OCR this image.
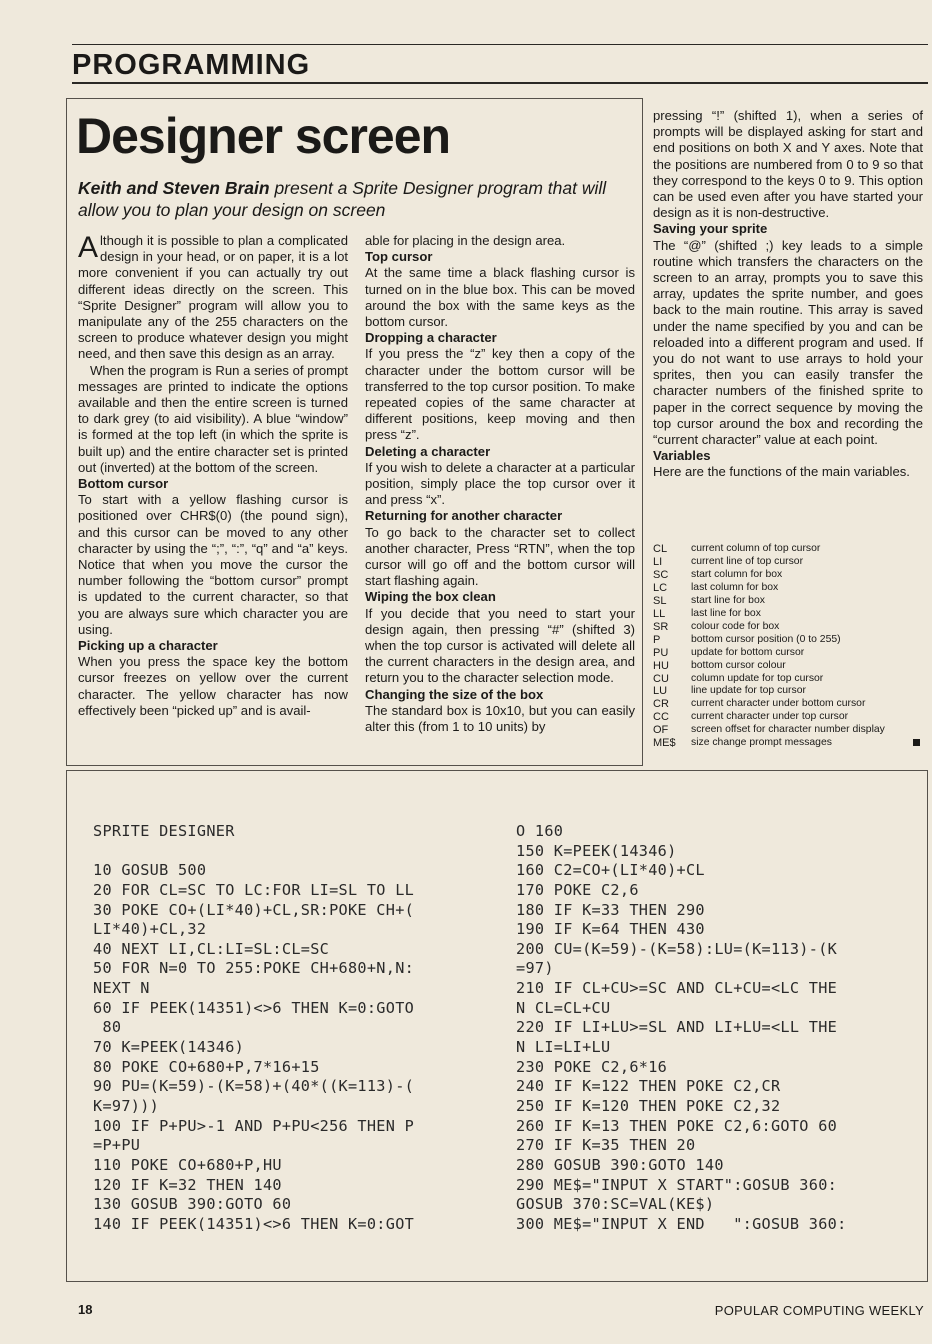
PROGRAMMING
Designer screen
Keith and Steven Brain present a Sprite Designer program that will allow you to plan your design on screen

Although it is possible to plan a complicated design in your head, or on paper, it is a lot more convenient if you can actually try out different ideas directly on the screen. This “Sprite Designer” program will allow you to manipulate any of the 255 characters on the screen to produce whatever design you might need, and then save this design as an array.

When the program is Run a series of prompt messages are printed to indicate the options available and then the entire screen is turned to dark grey (to aid visibility). A blue “window” is formed at the top left (in which the sprite is built up) and the entire character set is printed out (inverted) at the bottom of the screen.

Bottom cursor

To start with a yellow flashing cursor is positioned over CHR$(0) (the pound sign), and this cursor can be moved to any other character by using the “;”, “:”, “q” and “a” keys. Notice that when you move the cursor the number following the “bottom cursor” prompt is updated to the current character, so that you are always sure which character you are using.

Picking up a character

When you press the space key the bottom cursor freezes on yellow over the current character. The yellow character has now effectively been “picked up” and is avail-

able for placing in the design area.

Top cursor

At the same time a black flashing cursor is turned on in the blue box. This can be moved around the box with the same keys as the bottom cursor.

Dropping a character

If you press the “z” key then a copy of the character under the bottom cursor will be transferred to the top cursor position. To make repeated copies of the same character at different positions, keep moving and then press “z”.

Deleting a character

If you wish to delete a character at a particular position, simply place the top cursor over it and press “x”.

Returning for another character

To go back to the character set to collect another character, Press “RTN”, when the top cursor will go off and the bottom cursor will start flashing again.

Wiping the box clean

If you decide that you need to start your design again, then pressing “#” (shifted 3) when the top cursor is activated will delete all the current characters in the design area, and return you to the character selection mode.

Changing the size of the box

The standard box is 10x10, but you can easily alter this (from 1 to 10 units) by

pressing “!” (shifted 1), when a series of prompts will be displayed asking for start and end positions on both X and Y axes. Note that the positions are numbered from 0 to 9 so that they correspond to the keys 0 to 9. This option can be used even after you have started your design as it is non-destructive.

Saving your sprite

The “@” (shifted ;) key leads to a simple routine which transfers the characters on the screen to an array, prompts you to save this array, updates the sprite number, and goes back to the main routine. This array is saved under the name specified by you and can be reloaded into a different program and used. If you do not want to use arrays to hold your sprites, then you can easily transfer the character numbers of the finished sprite to paper in the correct sequence by moving the top cursor around the box and recording the “current character” value at each point.

Variables

Here are the functions of the main variables.

CL	current column of top cursor
LI	current line of top cursor
SC	start column for box
LC	last column for box
SL	start line for box
LL	last line for box
SR	colour code for box
P	bottom cursor position (0 to 255)
PU	update for bottom cursor
HU	bottom cursor colour
CU	column update for top cursor
LU	line update for top cursor
CR	current character under bottom cursor
CC	current character under top cursor
OF	screen offset for character number display
ME$	size change prompt messages
SPRITE DESIGNER
10 GOSUB 500
20 FOR CL=SC TO LC:FOR LI=SL TO LL
30 POKE CO+(LI*40)+CL,SR:POKE CH+(
LI*40)+CL,32
40 NEXT LI,CL:LI=SL:CL=SC
50 FOR N=0 TO 255:POKE CH+680+N,N:
NEXT N
60 IF PEEK(14351)<>6 THEN K=0:GOTO
80
70 K=PEEK(14346)
80 POKE CO+680+P,7*16+15
90 PU=(K=59)-(K=58)+(40*((K=113)-(
K=97)))
100 IF P+PU>-1 AND P+PU<256 THEN P
=P+PU
110 POKE CO+680+P,HU
120 IF K=32 THEN 140
130 GOSUB 390:GOTO 60
140 IF PEEK(14351)<>6 THEN K=0:GOT
O 160
150 K=PEEK(14346)
160 C2=CO+(LI*40)+CL
170 POKE C2,6
180 IF K=33 THEN 290
190 IF K=64 THEN 430
200 CU=(K=59)-(K=58):LU=(K=113)-(K
=97)
210 IF CL+CU>=SC AND CL+CU=<LC THE
N CL=CL+CU
220 IF LI+LU>=SL AND LI+LU=<LL THE
N LI=LI+LU
230 POKE C2,6*16
240 IF K=122 THEN POKE C2,CR
250 IF K=120 THEN POKE C2,32
260 IF K=13 THEN POKE C2,6:GOTO 60
270 IF K=35 THEN 20
280 GOSUB 390:GOTO 140
290 ME$="INPUT X START":GOSUB 360:
GOSUB 370:SC=VAL(KE$)
300 ME$="INPUT X END   ":GOSUB 360:
18	POPULAR COMPUTING WEEKLY
